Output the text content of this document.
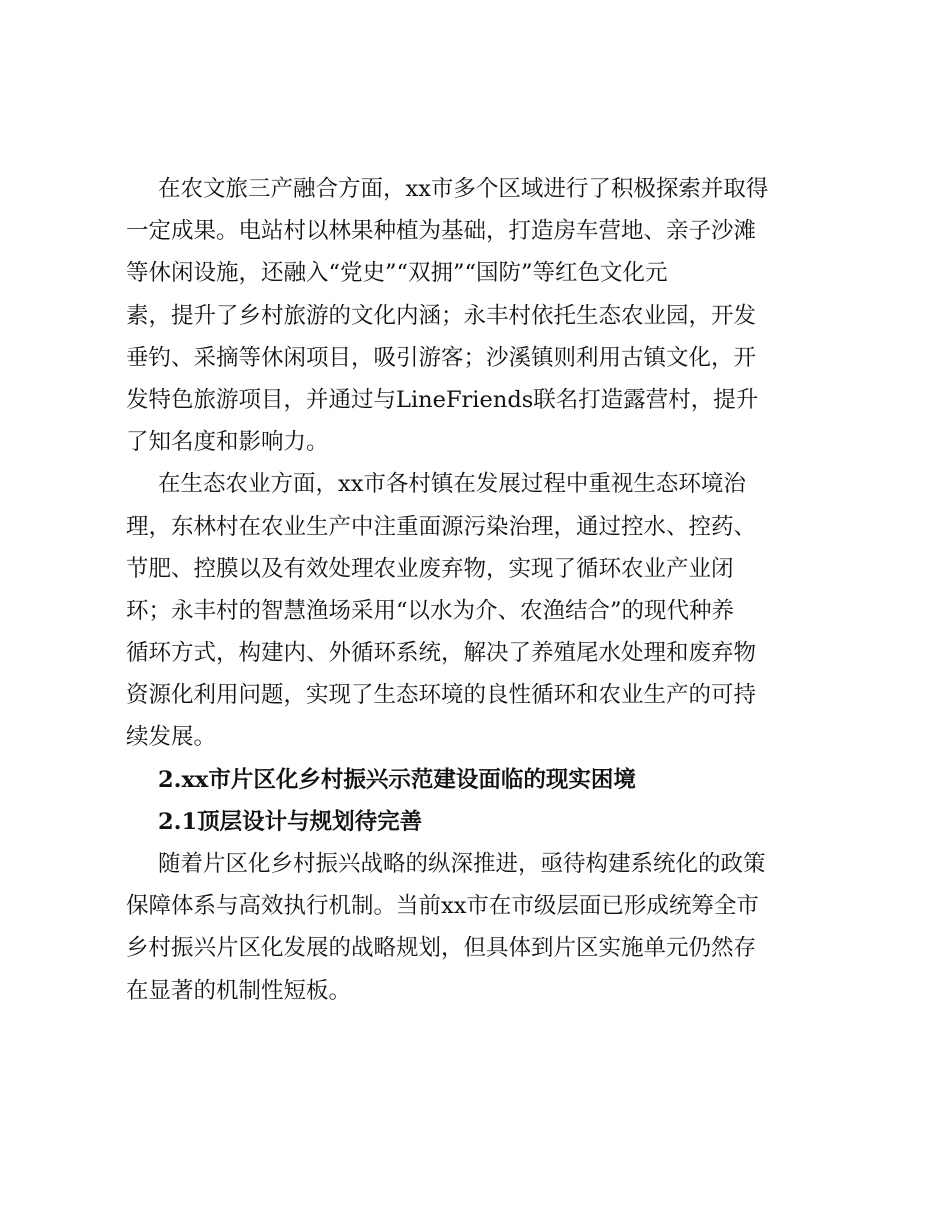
在农文旅三产融合方面，xx市多个区域进行了积极探索并取得
一定成果。电站村以林果种植为基础，打造房车营地、亲子沙滩
等休闲设施，还融入“党史”“双拥”“国防”等红色文化元
素，提升了乡村旅游的文化内涵；永丰村依托生态农业园，开发
垂钓、采摘等休闲项目，吸引游客；沙溪镇则利用古镇文化，开
发特色旅游项目，并通过与LineFriends联名打造露营村，提升
了知名度和影响力。
在生态农业方面，xx市各村镇在发展过程中重视生态环境治
理，东林村在农业生产中注重面源污染治理，通过控水、控药、
节肥、控膜以及有效处理农业废弃物，实现了循环农业产业闭
环；永丰村的智慧渔场采用“以水为介、农渔结合”的现代种养
循环方式，构建内、外循环系统，解决了养殖尾水处理和废弃物
资源化利用问题，实现了生态环境的良性循环和农业生产的可持
续发展。
2.xx市片区化乡村振兴示范建设面临的现实困境
2.1顶层设计与规划待完善
随着片区化乡村振兴战略的纵深推进，亟待构建系统化的政策
保障体系与高效执行机制。当前xx市在市级层面已形成统筹全市
乡村振兴片区化发展的战略规划，但具体到片区实施单元仍然存
在显著的机制性短板。
